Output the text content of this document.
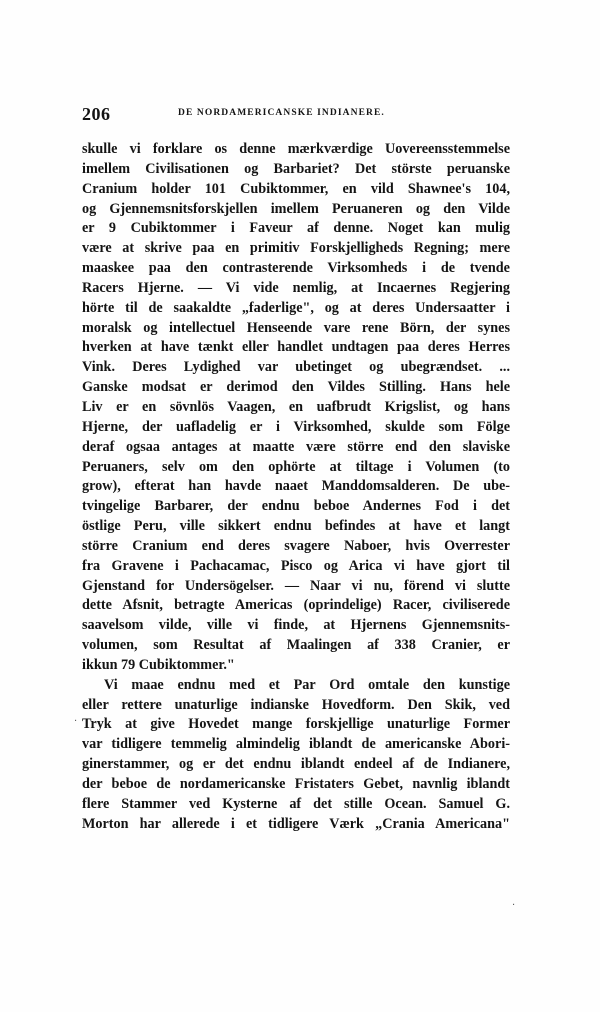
206	DE NORDAMERICANSKE INDIANERE.
skulle vi forklare os denne mærkværdige Uovereensstemmelse
imellem Civilisationen og Barbariet? Det störste peruanske
Cranium holder 101 Cubiktommer, en vild Shawnee's 104,
og Gjennemsnitsforskjellen imellem Peruaneren og den Vilde
er 9 Cubiktommer i Faveur af denne. Noget kan mulig
være at skrive paa en primitiv Forskjelligheds Regning; mere
maaskee paa den contrasterende Virksomheds i de tvende
Racers Hjerne. — Vi vide nemlig, at Incaernes Regjering
hörte til de saakaldte „faderlige", og at deres Undersaatter i
moralsk og intellectuel Henseende vare rene Börn, der synes
hverken at have tænkt eller handlet undtagen paa deres Herres
Vink. Deres Lydighed var ubetinget og ubegrændset. ...
Ganske modsat er derimod den Vildes Stilling. Hans hele
Liv er en sövnlös Vaagen, en uafbrudt Krigslist, og hans
Hjerne, der uafladelig er i Virksomhed, skulde som Fölge
deraf ogsaa antages at maatte være större end den slaviske
Peruaners, selv om den ophörte at tiltage i Volumen (to
grow), efterat han havde naaet Manddomsalderen. De ube-
tvingelige Barbarer, der endnu beboe Andernes Fod i det
östlige Peru, ville sikkert endnu befindes at have et langt
större Cranium end deres svagere Naboer, hvis Overrester
fra Gravene i Pachacamac, Pisco og Arica vi have gjort til
Gjenstand for Undersögelser. — Naar vi nu, förend vi slutte
dette Afsnit, betragte Americas (oprindelige) Racer, civiliserede
saavelsom vilde, ville vi finde, at Hjernens Gjennemsnits-
volumen, som Resultat af Maalingen af 338 Cranier, er
ikkun 79 Cubiktommer."
Vi maae endnu med et Par Ord omtale den kunstige
eller rettere unaturlige indianske Hovedform. Den Skik, ved
Tryk at give Hovedet mange forskjellige unaturlige Former
var tidligere temmelig almindelig iblandt de americanske Abori-
ginerstammer, og er det endnu iblandt endeel af de Indianere,
der beboe de nordamericanske Fristaters Gebet, navnlig iblandt
flere Stammer ved Kysterne af det stille Ocean. Samuel G.
Morton har allerede i et tidligere Værk „Crania Americana"
.
.
